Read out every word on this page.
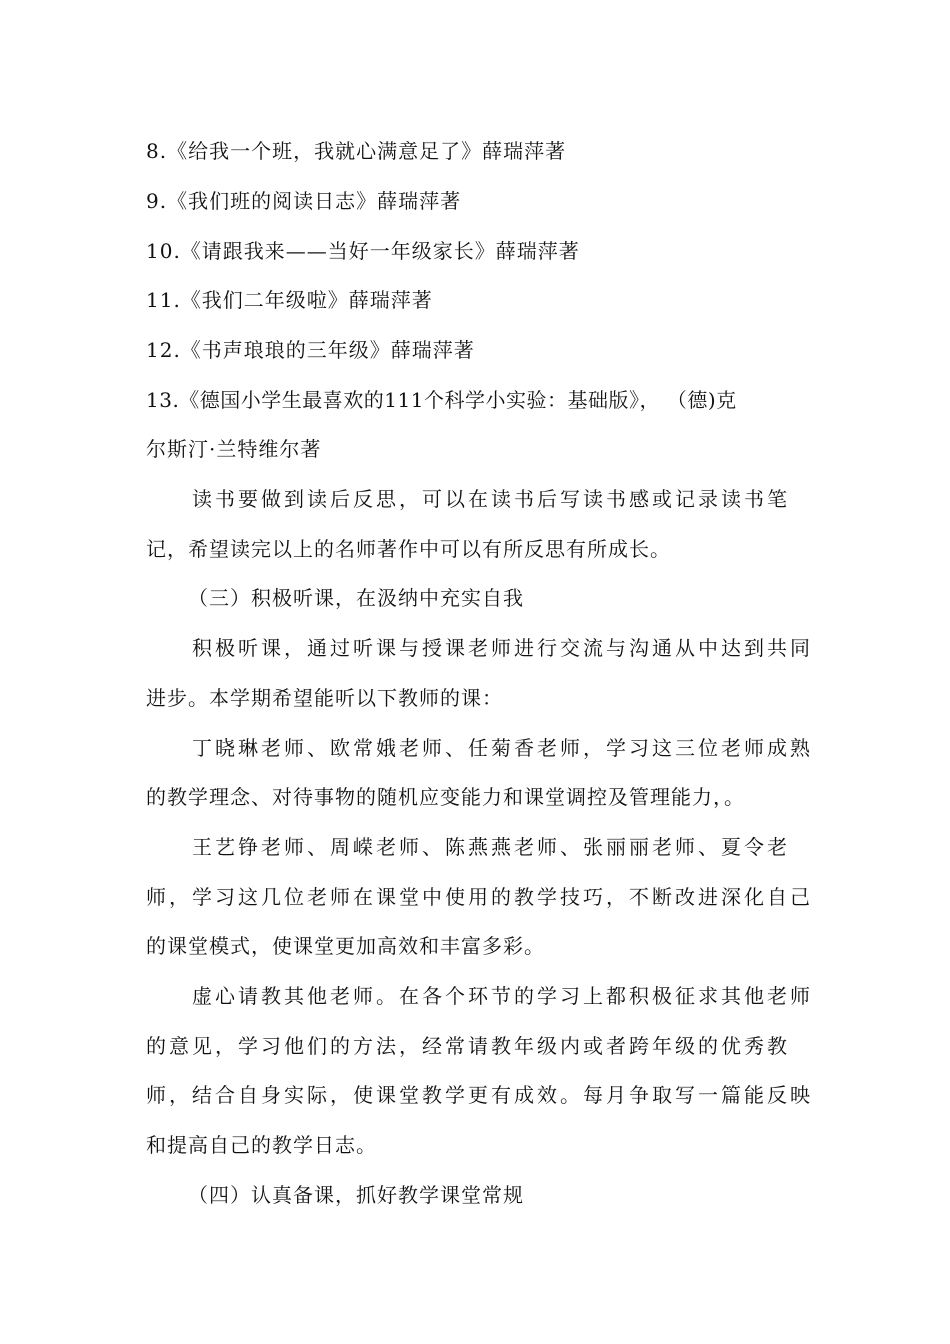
8.《给我一个班，我就心满意足了》薛瑞萍著
9.《我们班的阅读日志》薛瑞萍著
10.《请跟我来——当好一年级家长》薛瑞萍著
11.《我们二年级啦》薛瑞萍著
12.《书声琅琅的三年级》薛瑞萍著
13.《德国小学生最喜欢的111个科学小实验：基础版》， （德)克
尔斯汀·兰特维尔著
读书要做到读后反思，可以在读书后写读书感或记录读书笔
记，希望读完以上的名师著作中可以有所反思有所成长。
（三）积极听课，在汲纳中充实自我
积极听课，通过听课与授课老师进行交流与沟通从中达到共同
进步。本学期希望能听以下教师的课：
丁晓琳老师、欧常娥老师、任菊香老师，学习这三位老师成熟
的教学理念、对待事物的随机应变能力和课堂调控及管理能力，。
王艺铮老师、周嵘老师、陈燕燕老师、张丽丽老师、夏令老
师，学习这几位老师在课堂中使用的教学技巧，不断改进深化自己
的课堂模式，使课堂更加高效和丰富多彩。
虚心请教其他老师。在各个环节的学习上都积极征求其他老师
的意见，学习他们的方法，经常请教年级内或者跨年级的优秀教
师，结合自身实际，使课堂教学更有成效。每月争取写一篇能反映
和提高自己的教学日志。
（四）认真备课，抓好教学课堂常规
